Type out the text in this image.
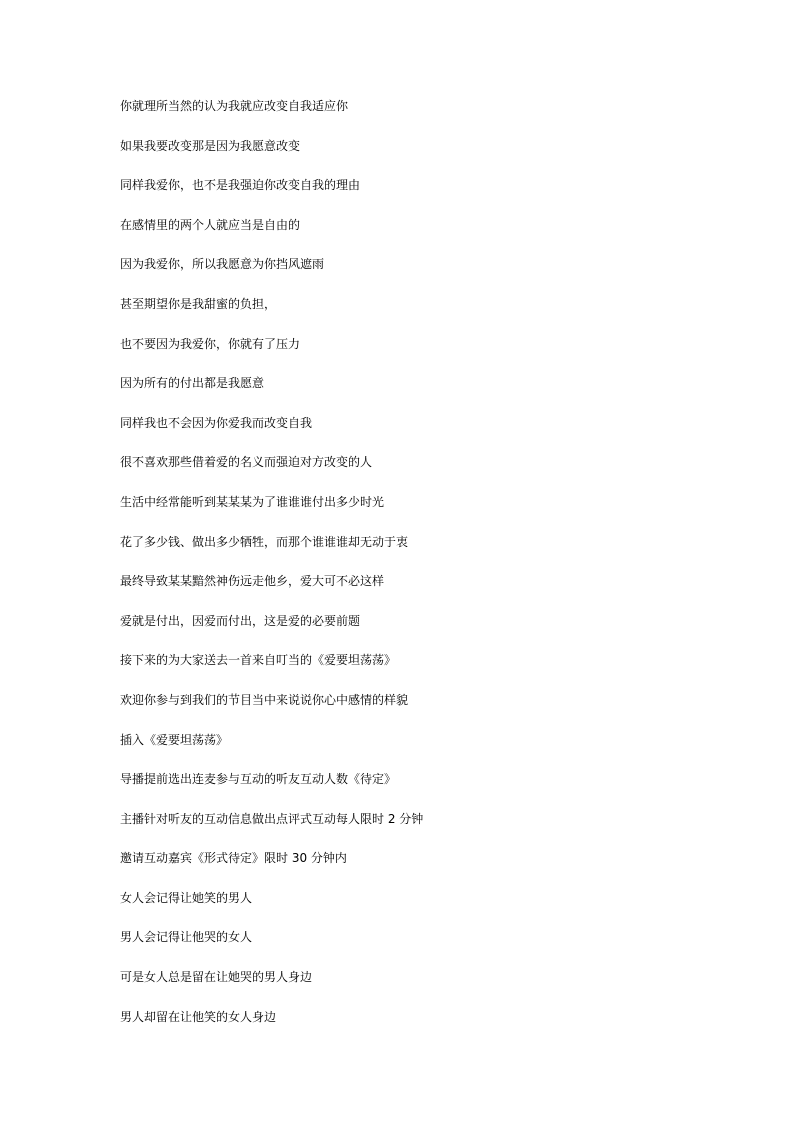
你就理所当然的认为我就应改变自我适应你
如果我要改变那是因为我愿意改变
同样我爱你，也不是我强迫你改变自我的理由
在感情里的两个人就应当是自由的
因为我爱你，所以我愿意为你挡风遮雨
甚至期望你是我甜蜜的负担，
也不要因为我爱你，你就有了压力
因为所有的付出都是我愿意
同样我也不会因为你爱我而改变自我
很不喜欢那些借着爱的名义而强迫对方改变的人
生活中经常能听到某某某为了谁谁谁付出多少时光
花了多少钱、做出多少牺牲，而那个谁谁谁却无动于衷
最终导致某某黯然神伤远走他乡，爱大可不必这样
爱就是付出，因爱而付出，这是爱的必要前题
接下来的为大家送去一首来自叮当的《爱要坦荡荡》
欢迎你参与到我们的节目当中来说说你心中感情的样貌
插入《爱要坦荡荡》
导播提前选出连麦参与互动的听友互动人数《待定》
主播针对听友的互动信息做出点评式互动每人限时 2 分钟
邀请互动嘉宾《形式待定》限时 30 分钟内
女人会记得让她笑的男人
男人会记得让他哭的女人
可是女人总是留在让她哭的男人身边
男人却留在让他笑的女人身边
